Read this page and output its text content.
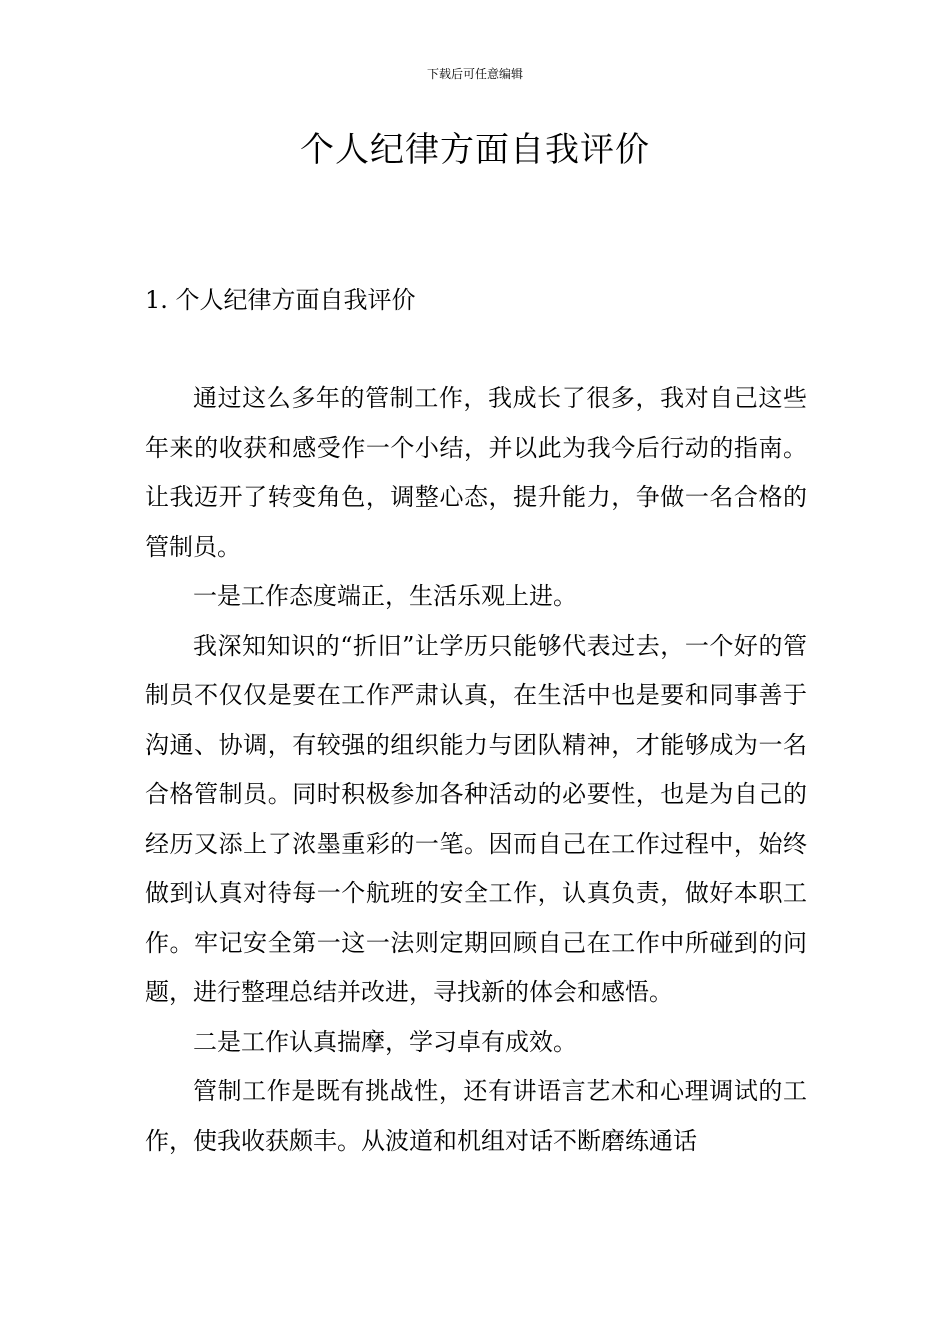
下载后可任意编辑
个人纪律方面自我评价
1. 个人纪律方面自我评价

通过这么多年的管制工作，我成长了很多，我对自己这些年来的收获和感受作一个小结，并以此为我今后行动的指南。让我迈开了转变角色，调整心态，提升能力，争做一名合格的管制员。

一是工作态度端正，生活乐观上进。

我深知知识的“折旧”让学历只能够代表过去，一个好的管制员不仅仅是要在工作严肃认真，在生活中也是要和同事善于沟通、协调，有较强的组织能力与团队精神，才能够成为一名合格管制员。同时积极参加各种活动的必要性，也是为自己的经历又添上了浓墨重彩的一笔。因而自己在工作过程中，始终做到认真对待每一个航班的安全工作，认真负责，做好本职工作。牢记安全第一这一法则定期回顾自己在工作中所碰到的问题，进行整理总结并改进，寻找新的体会和感悟。

二是工作认真揣摩，学习卓有成效。

管制工作是既有挑战性，还有讲语言艺术和心理调试的工作，使我收获颇丰。从波道和机组对话不断磨练通话
